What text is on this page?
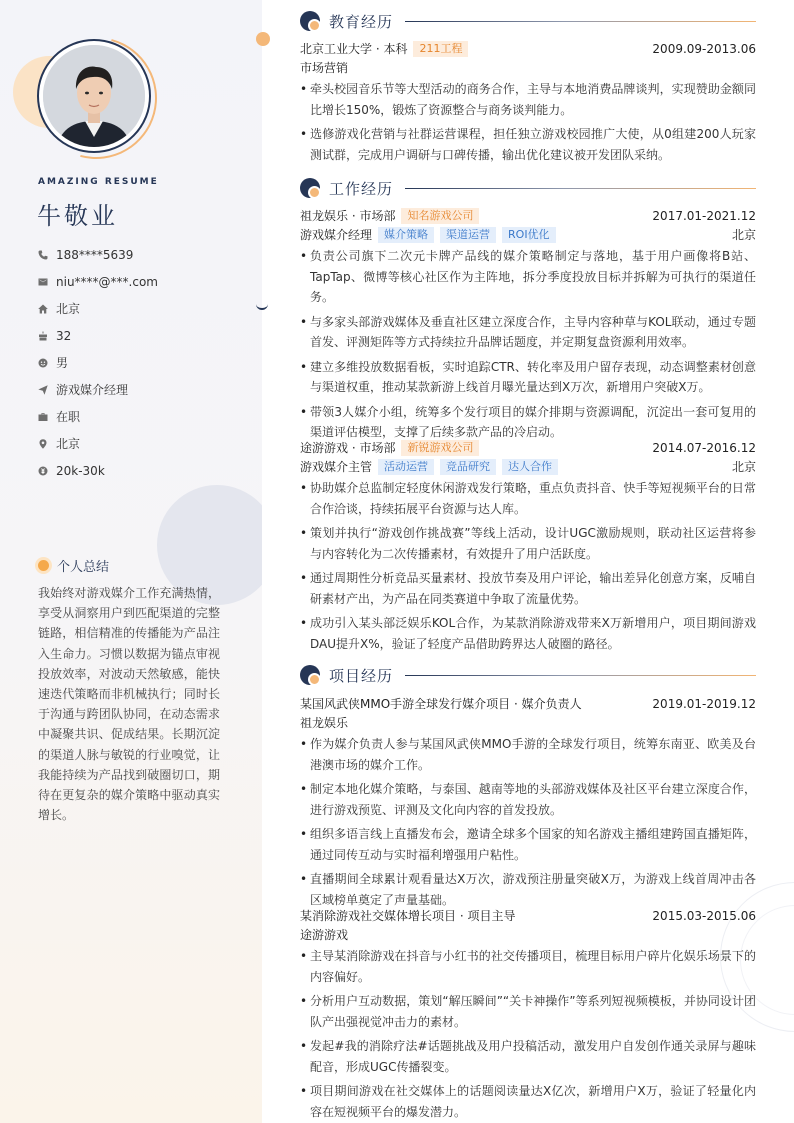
AMAZING RESUME
牛敬业
188****5639
niu****@***.com
北京
32
男
游戏媒介经理
在职
北京
20k-30k
个人总结
我始终对游戏媒介工作充满热情，享受从洞察用户到匹配渠道的完整链路，相信精准的传播能为产品注入生命力。习惯以数据为锚点审视投放效率，对波动天然敏感，能快速迭代策略而非机械执行；同时长于沟通与跨团队协同，在动态需求中凝聚共识、促成结果。长期沉淀的渠道人脉与敏锐的行业嗅觉，让我能持续为产品找到破圈切口，期待在更复杂的媒介策略中驱动真实增长。
教育经历
北京工业大学 · 本科	211工程	2009.09-2013.06
市场营销
• 牵头校园音乐节等大型活动的商务合作，主导与本地消费品牌谈判，实现赞助金额同比增长150%，锻炼了资源整合与商务谈判能力。
• 选修游戏化营销与社群运营课程，担任独立游戏校园推广大使，从0组建200人玩家测试群，完成用户调研与口碑传播，输出优化建议被开发团队采纳。
工作经历
祖龙娱乐 · 市场部	知名游戏公司	2017.01-2021.12
游戏媒介经理	媒介策略	渠道运营	ROI优化	北京
• 负责公司旗下二次元卡牌产品线的媒介策略制定与落地，基于用户画像将B站、TapTap、微博等核心社区作为主阵地，拆分季度投放目标并拆解为可执行的渠道任务。
• 与多家头部游戏媒体及垂直社区建立深度合作，主导内容种草与KOL联动，通过专题首发、评测矩阵等方式持续拉升品牌话题度，并定期复盘资源利用效率。
• 建立多维投放数据看板，实时追踪CTR、转化率及用户留存表现，动态调整素材创意与渠道权重，推动某款新游上线首月曝光量达到X万次，新增用户突破X万。
• 带领3人媒介小组，统筹多个发行项目的媒介排期与资源调配，沉淀出一套可复用的渠道评估模型，支撑了后续多款产品的冷启动。
途游游戏 · 市场部	新锐游戏公司	2014.07-2016.12
游戏媒介主管	活动运营	竞品研究	达人合作	北京
• 协助媒介总监制定轻度休闲游戏发行策略，重点负责抖音、快手等短视频平台的日常合作洽谈，持续拓展平台资源与达人库。
• 策划并执行“游戏创作挑战赛”等线上活动，设计UGC激励规则，联动社区运营将参与内容转化为二次传播素材，有效提升了用户活跃度。
• 通过周期性分析竞品买量素材、投放节奏及用户评论，输出差异化创意方案，反哺自研素材产出，为产品在同类赛道中争取了流量优势。
• 成功引入某头部泛娱乐KOL合作，为某款消除游戏带来X万新增用户，项目期间游戏DAU提升X%，验证了轻度产品借助跨界达人破圈的路径。
项目经历
某国风武侠MMO手游全球发行媒介项目 · 媒介负责人	2019.01-2019.12
祖龙娱乐
• 作为媒介负责人参与某国风武侠MMO手游的全球发行项目，统筹东南亚、欧美及台港澳市场的媒介工作。
• 制定本地化媒介策略，与泰国、越南等地的头部游戏媒体及社区平台建立深度合作，进行游戏预览、评测及文化向内容的首发投放。
• 组织多语言线上直播发布会，邀请全球多个国家的知名游戏主播组建跨国直播矩阵，通过同传互动与实时福利增强用户粘性。
• 直播期间全球累计观看量达X万次，游戏预注册量突破X万，为游戏上线首周冲击各区域榜单奠定了声量基础。
某消除游戏社交媒体增长项目 · 项目主导	2015.03-2015.06
途游游戏
• 主导某消除游戏在抖音与小红书的社交传播项目，梳理目标用户碎片化娱乐场景下的内容偏好。
• 分析用户互动数据，策划“解压瞬间”“关卡神操作”等系列短视频模板，并协同设计团队产出强视觉冲击力的素材。
• 发起#我的消除疗法#话题挑战及用户投稿活动，激发用户自发创作通关录屏与趣味配音，形成UGC传播裂变。
• 项目期间游戏在社交媒体上的话题阅读量达X亿次，新增用户X万，验证了轻量化内容在短视频平台的爆发潜力。
